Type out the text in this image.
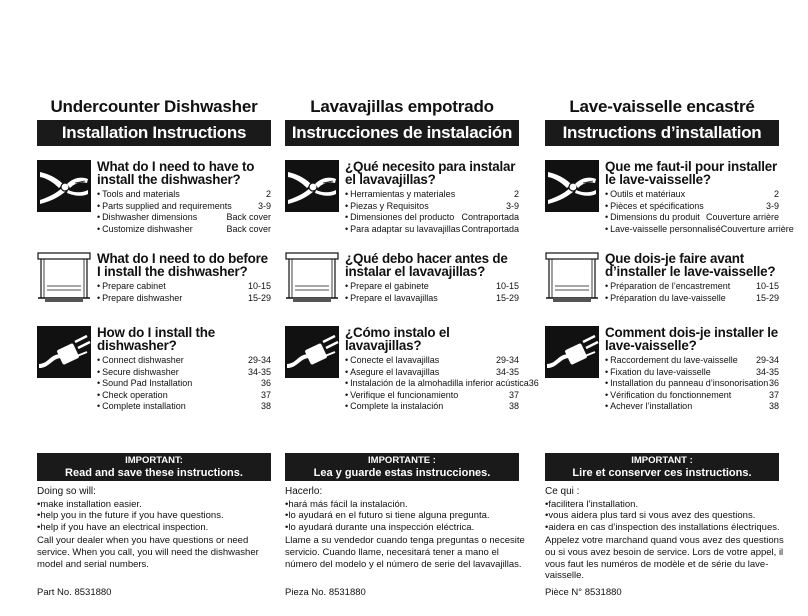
Undercounter Dishwasher
Installation Instructions
What do I need to have to install the dishwasher?
• Tools and materials	2
• Parts supplied and requirements	3-9
• Dishwasher dimensions	Back cover
• Customize dishwasher	Back cover
What do I need to do before I install the dishwasher?
• Prepare cabinet	10-15
• Prepare dishwasher	15-29
How do I install the dishwasher?
• Connect dishwasher	29-34
• Secure dishwasher	34-35
• Sound Pad Installation	36
• Check operation	37
• Complete installation	38
IMPORTANT:
Read and save these instructions.
Doing so will:
• make installation easier.
• help you in the future if you have questions.
• help if you have an electrical inspection.
Call your dealer when you have questions or need service. When you call, you will need the dishwasher model and serial numbers.
Part No. 8531880
Lavavajillas empotrado
Instrucciones de instalación
¿Qué necesito para instalar el lavavajillas?
• Herramientas y materiales	2
• Piezas y Requisitos	3-9
• Dimensiones del producto Contraportada
• Para adaptar su lavavajillas Contraportada
¿Qué debo hacer antes de instalar el lavavajillas?
• Prepare el gabinete	10-15
• Prepare el lavavajillas	15-29
¿Cómo instalo el lavavajillas?
• Conecte el lavavajillas	29-34
• Asegure el lavavajillas	34-35
• Instalación de la almohadilla inferior acústica 36
• Verifique el funcionamiento	37
• Complete la instalación	38
IMPORTANTE :
Lea y guarde estas instrucciones.
Hacerlo:
• hará más fácil la instalación.
• lo ayudará en el futuro si tiene alguna pregunta.
• lo ayudará durante una inspección eléctrica.
Llame a su vendedor cuando tenga preguntas o necesite servicio. Cuando llame, necesitará tener a mano el número del modelo y el número de serie del lavavajillas.
Pieza No. 8531880
Lave-vaisselle encastré
Instructions d’installation
Que me faut-il pour installer le lave-vaisselle?
• Outils et matériaux	2
• Pièces et spécifications	3-9
• Dimensions du produit Couverture arrière
• Lave-vaisselle personnalisé Couverture arrière
Que dois-je faire avant d’installer le lave-vaisselle?
• Préparation de l’encastrement	10-15
• Préparation du lave-vaisselle	15-29
Comment dois-je installer le lave-vaisselle?
• Raccordement du lave-vaisselle 29-34
• Fixation du lave-vaisselle	34-35
• Installation du panneau d’insonorisation 36
• Vérification du fonctionnement	37
• Achever l’installation	38
IMPORTANT :
Lire et conserver ces instructions.
Ce qui :
• facilitera l’installation.
• vous aidera plus tard si vous avez des questions.
• aidera en cas d’inspection des installations électriques.
Appelez votre marchand quand vous avez des questions ou si vous avez besoin de service. Lors de votre appel, il vous faut les numéros de modèle et de série du lave-vaisselle.
Pièce N° 8531880
